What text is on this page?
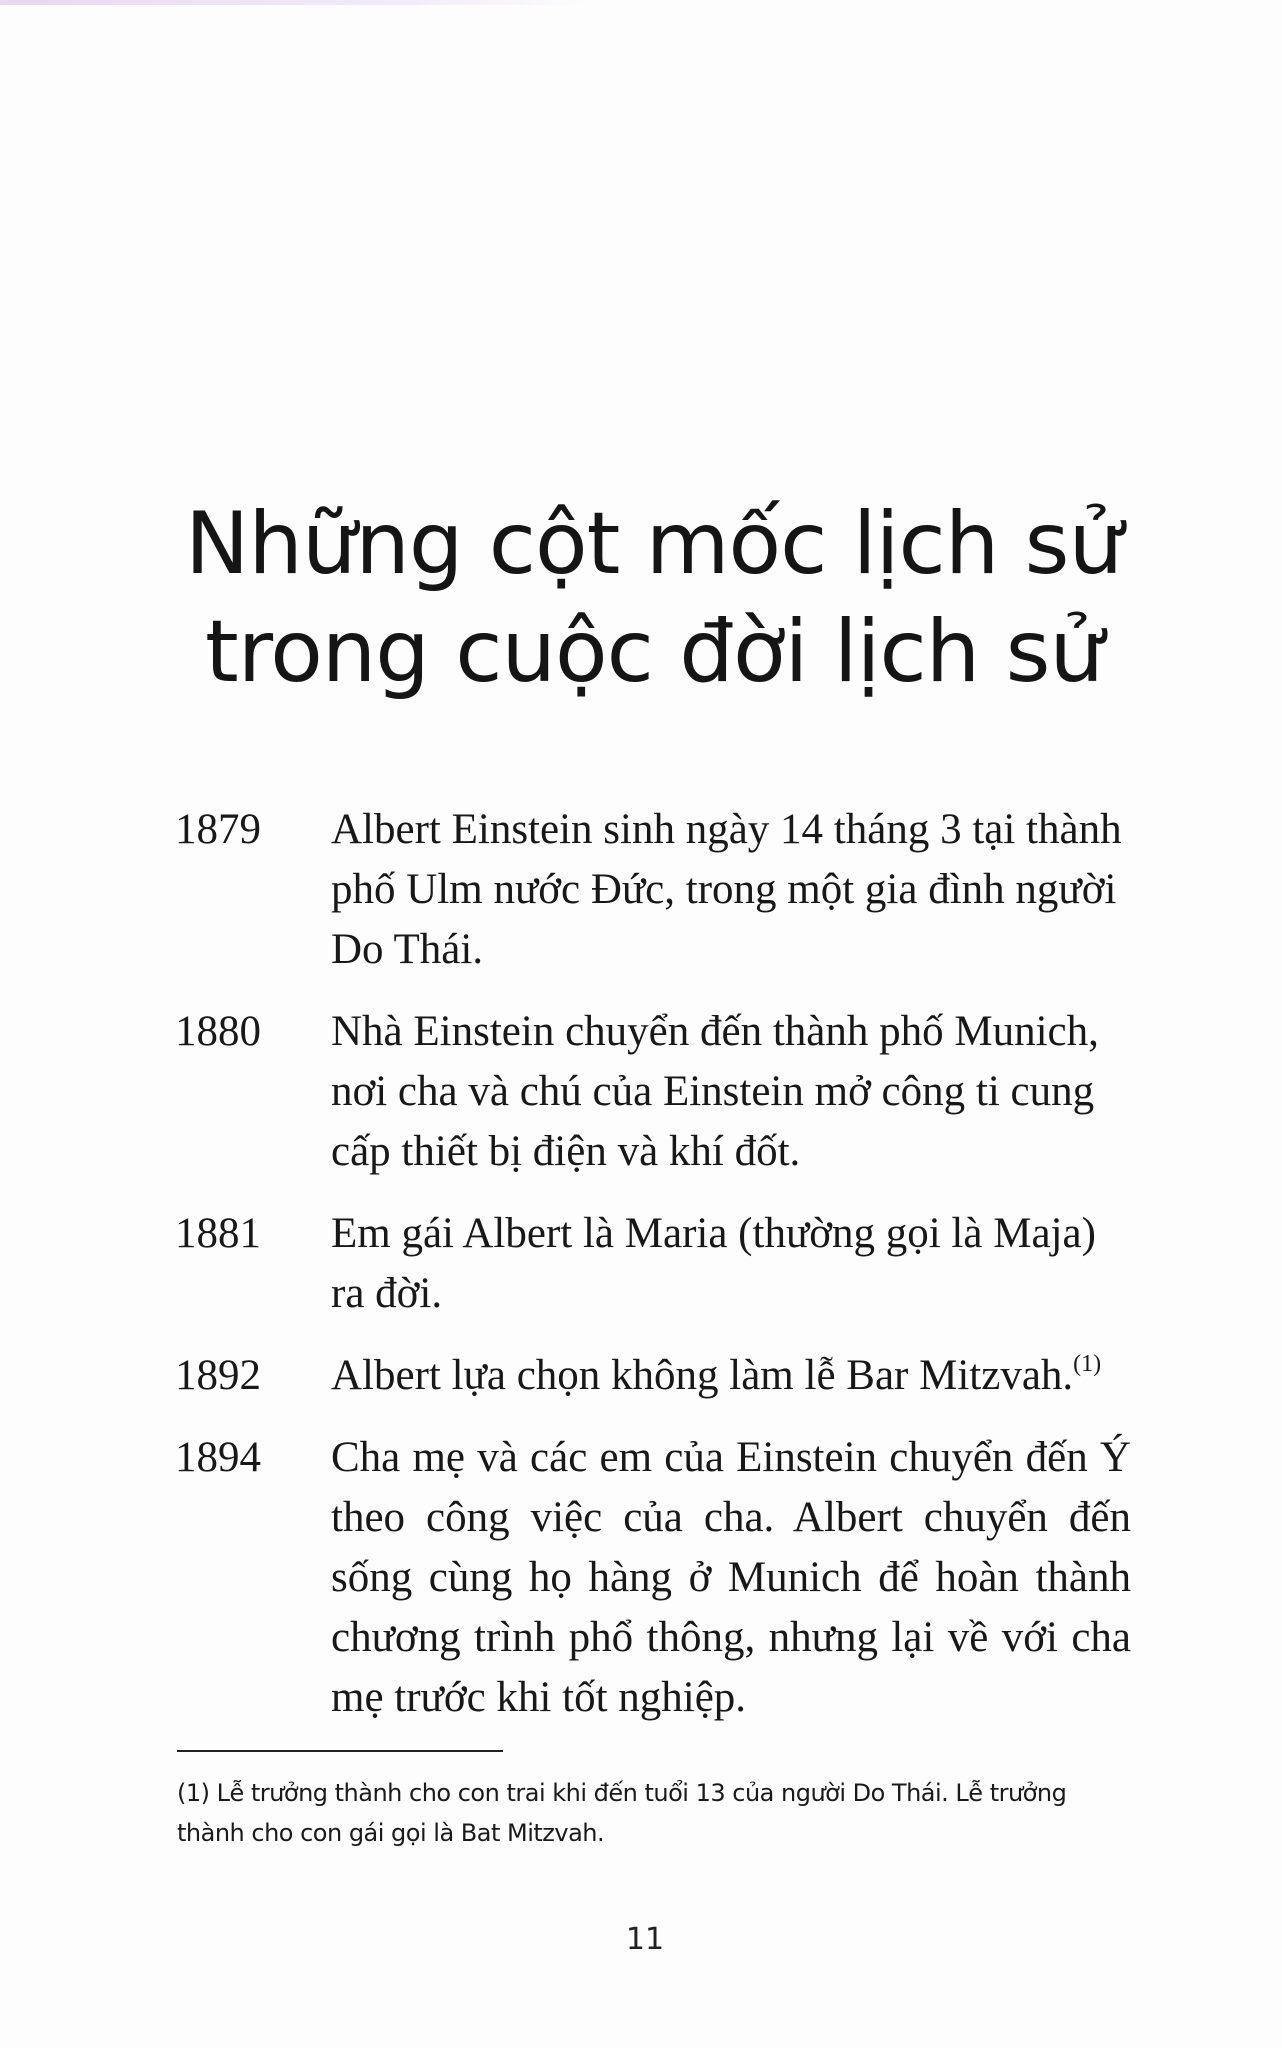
Những cột mốc lịch sử
trong cuộc đời lịch sử
1879	Albert Einstein sinh ngày 14 tháng 3 tại thành phố Ulm nước Đức, trong một gia đình người Do Thái.
1880	Nhà Einstein chuyển đến thành phố Munich, nơi cha và chú của Einstein mở công ti cung cấp thiết bị điện và khí đốt.
1881	Em gái Albert là Maria (thường gọi là Maja) ra đời.
1892	Albert lựa chọn không làm lễ Bar Mitzvah.$^{(1)}$
1894	Cha mẹ và các em của Einstein chuyển đến Ý theo công việc của cha. Albert chuyển đến sống cùng họ hàng ở Munich để hoàn thành chương trình phổ thông, nhưng lại về với cha mẹ trước khi tốt nghiệp.
(1) Lễ trưởng thành cho con trai khi đến tuổi 13 của người Do Thái. Lễ trưởng thành cho con gái gọi là Bat Mitzvah.
11
